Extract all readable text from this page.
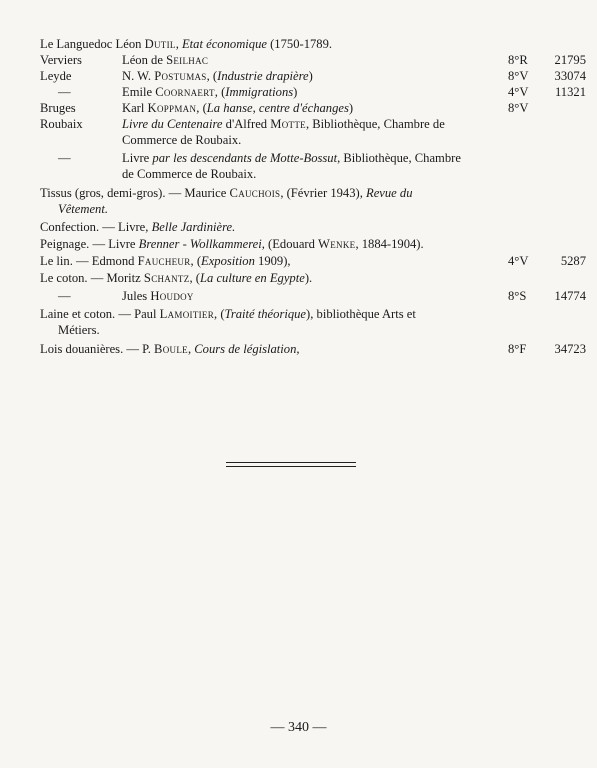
Le Languedoc Léon Dutil, Etat économique (1750-1789.
Verviers	Léon de Seilhac	8°R	21795
Leyde	N. W. Postumas, (Industrie drapière)	8°V	33074
—	Emile Coornaert, (Immigrations)	4°V	11321
Bruges	Karl Koppman, (La hanse, centre d'échanges)	8°V
Roubaix	Livre du Centenaire d'Alfred Motte, Bibliothèque, Chambre de
Commerce de Roubaix.
—	Livre par les descendants de Motte-Bossut, Bibliothèque, Chambre
de Commerce de Roubaix.
Tissus (gros, demi-gros). — Maurice Cauchois, (Février 1943), Revue du
Vêtement.
Confection. — Livre, Belle Jardinière.
Peignage. — Livre Brenner - Wollkammerei, (Edouard Wenke, 1884-1904).
Le lin. — Edmond Faucheur, (Exposition 1909),	4°V	5287
Le coton. — Moritz Schantz, (La culture en Egypte).
—	Jules Houdoy	8°S	14774
Laine et coton. — Paul Lamoitier, (Traité théorique), bibliothèque Arts et
Métiers.
Lois douanières. — P. Boule, Cours de législation,	8°F	34723
— 340 —
